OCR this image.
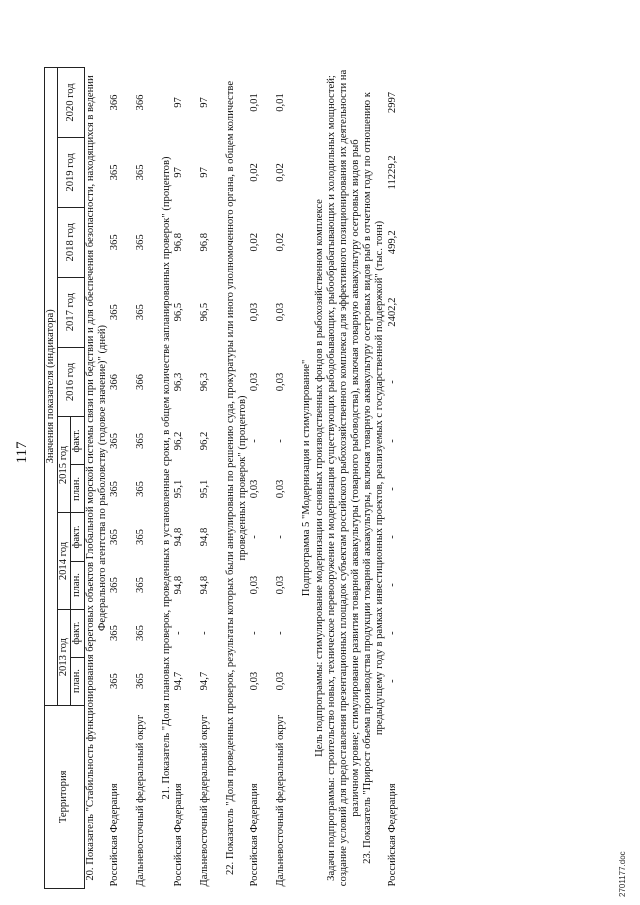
117
Территория	Значения показателя (индикатора)										
	2013 год		2014 год		2015 год		2016 год	2017 год	2018 год	2019 год	2020 год
	план.	факт.	план.	факт.	план.	факт.					
20. Показатель "Стабильность функционирования береговых объектов Глобальной морской системы связи при бедствии и для обеспечения безопасности, находящихся в ведении Федерального агентства по рыболовству (годовое значение)" (дней)											
Российская Федерация	365	365	365	365	365	365	366	365	365	365	366
Дальневосточный федеральный округ	365	365	365	365	365	365	366	365	365	365	366
21. Показатель "Доля плановых проверок, проведенных в установленные сроки, в общем количестве запланированных проверок" (процентов)											
Российская Федерация	94,7	-	94,8	94,8	95,1	96,2	96,3	96,5	96,8	97	97
Дальневосточный федеральный округ	94,7	-	94,8	94,8	95,1	96,2	96,3	96,5	96,8	97	97
22. Показатель "Доля проведенных проверок, результаты которых были аннулированы по решению суда, прокуратуры или иного уполномоченного органа, в общем количестве проведенных проверок" (процентов)											
Российская Федерация	0,03	-	0,03	-	0,03	-	0,03	0,03	0,02	0,02	0,01
Дальневосточный федеральный округ	0,03	-	0,03	-	0,03	-	0,03	0,03	0,02	0,02	0,01
Подпрограмма 5 "Модернизация и стимулирование"											
Цель подпрограммы: стимулирование модернизации основных производственных фондов в рыбохозяйственном комплексе											
Задачи подпрограммы: строительство новых, техническое перевооружение и модернизация существующих рыбодобывающих, рыбообрабатывающих и холодильных мощностей; создание условий для предоставления презентационных площадок субъектам российского рыбохозяйственного комплекса для эффективного позиционирования их деятельности на различном уровне; стимулирование развития товарной аквакультуры (товарного рыбоводства), включая товарную аквакультуру осетровых видов рыб											
23. Показатель "Прирост объема производства продукции товарной аквакультуры, включая товарную аквакультуру осетровых видов рыб в отчетном году по отношению к предыдущему году в рамках инвестиционных проектов, реализуемых с государственной поддержкой" (тыс. тонн)											
Российская Федерация	-	-	-	-	-	-	-	2402,2	499,2	11229,2	2997
2701177.doc
